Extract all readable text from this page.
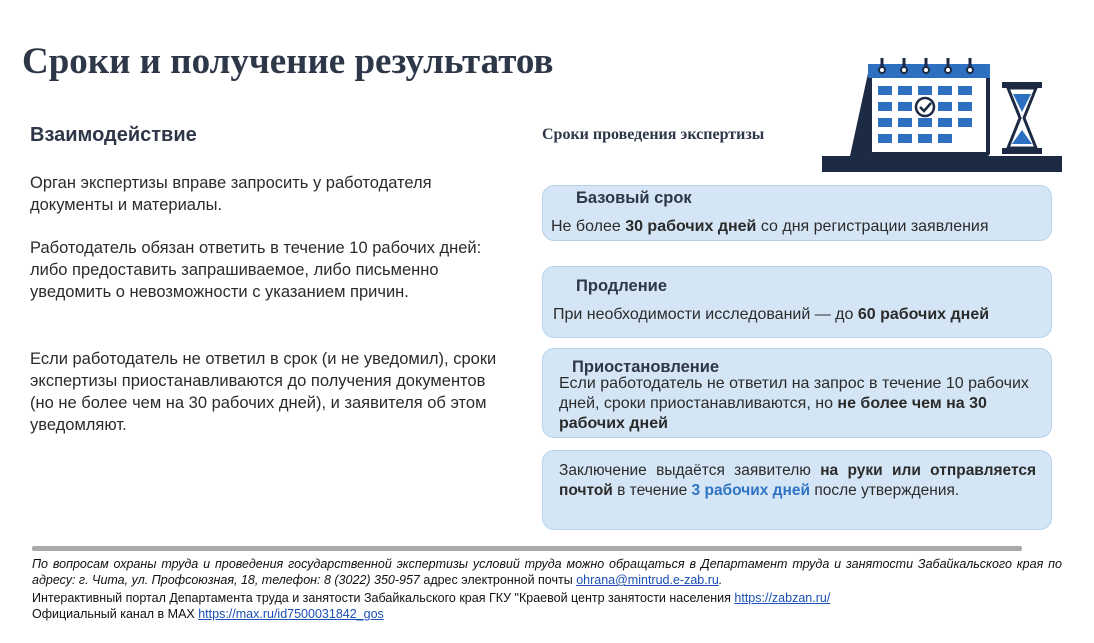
Сроки и получение результатов
Взаимодействие

Орган экспертизы вправе запросить у работодателя документы и материалы.

Работодатель обязан ответить в течение 10 рабочих дней: либо предоставить запрашиваемое, либо письменно уведомить о невозможности с указанием причин.

Если работодатель не ответил в срок (и не уведомил), сроки экспертизы приостанавливаются до получения документов (но не более чем на 30 рабочих дней), и заявителя об этом уведомляют.

Сроки проведения экспертизы
Базовый срок
Не более 30 рабочих дней со дня регистрации заявления
Продление
При необходимости исследований — до 60 рабочих дней
Приостановление
Если работодатель не ответил на запрос в течение 10 рабочих дней, сроки приостанавливаются, но не более чем на 30 рабочих дней
Заключение выдаётся заявителю на руки или отправляется почтой в течение 3 рабочих дней после утверждения.
По вопросам охраны труда и проведения государственной экспертизы условий труда можно обращаться в Департамент труда и занятости Забайкальского края по адресу: г. Чита, ул. Профсоюзная, 18, телефон: 8 (3022) 350-957 адрес электронной почты ohrana@mintrud.e-zab.ru.
Интерактивный портал Департамента труда и занятости Забайкальского края ГКУ "Краевой центр занятости населения https://zabzan.ru/
Официальный канал в МАХ https://max.ru/id7500031842_gos
